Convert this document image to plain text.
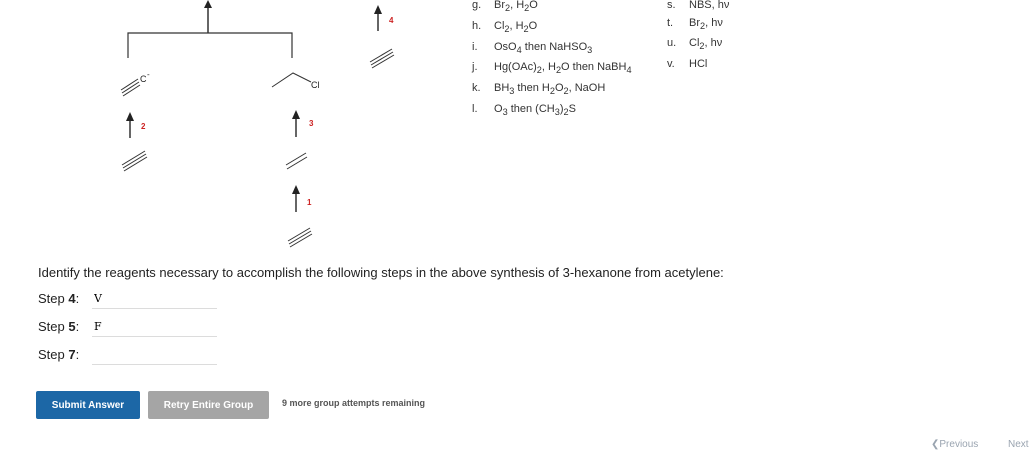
4
C -
2
Cl
3
1
g.	$Br_2$, $H_2O$
h.	$Cl_2$, $H_2O$
i.	OsO$_4$ then NaHSO$_3$
j.	$Hg(OAc)_2$, $H_2O$ then NaBH$_4$
k.	$BH_3$ then $H_2O_2$, NaOH
l.	$O_3$ then $(CH_3)_2S$
s.	NBS, hν
t.	$Br_2$, hν
u.	$Cl_2$, hν
v.	HCl
Identify the reagents necessary to accomplish the following steps in the above synthesis of 3-hexanone from acetylene:
Step 4:
V
Step 5:
F
Step 7:
Submit Answer	Retry Entire Group	9 more group attempts remaining
❮Previous	Next
